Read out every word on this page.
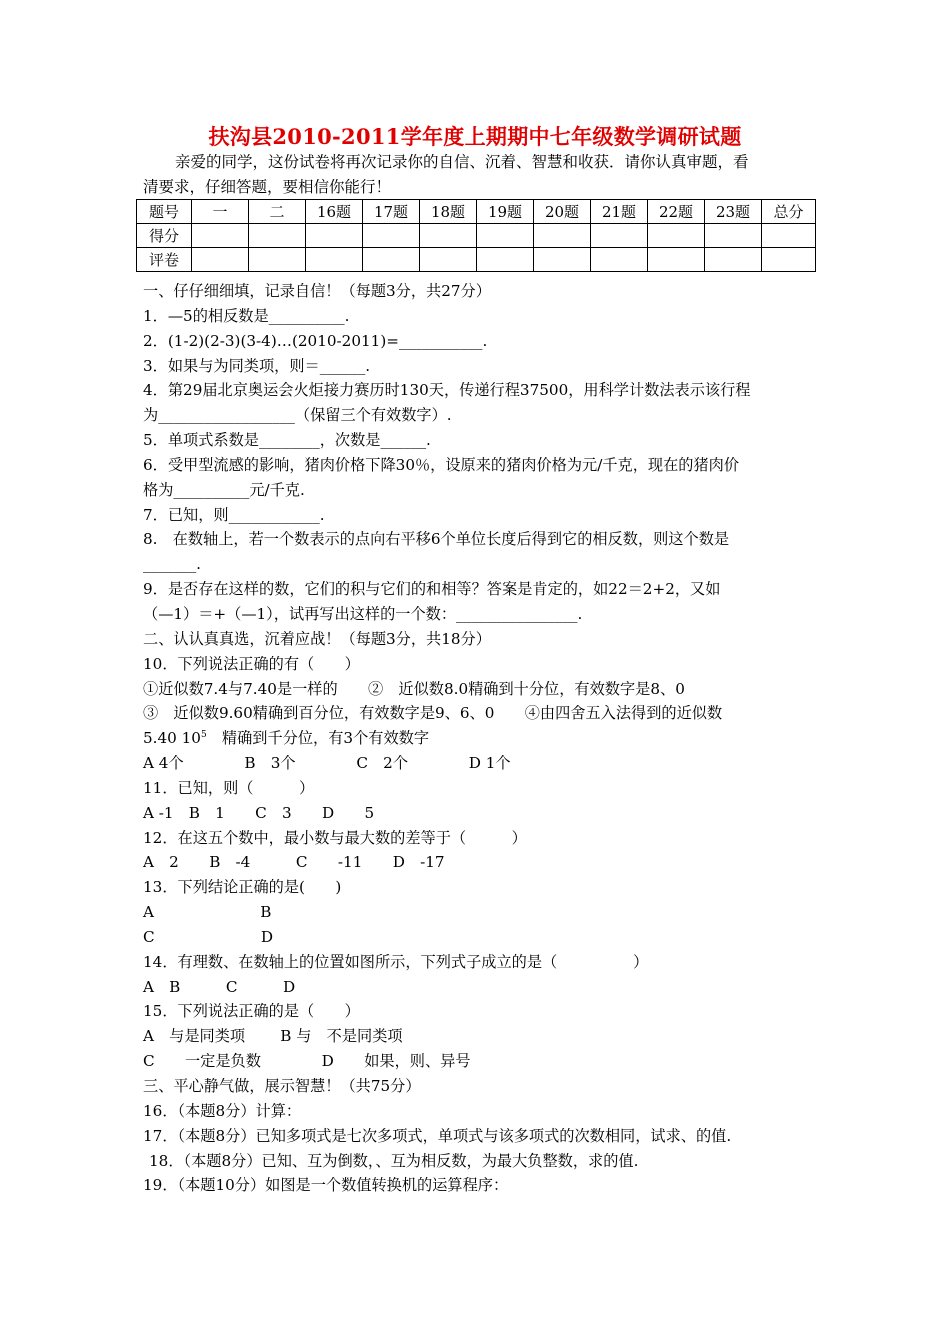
扶沟县2010-2011学年度上期期中七年级数学调研试题
亲爱的同学，这份试卷将再次记录你的自信、沉着、智慧和收获．请你认真审题，看
清要求，仔细答题，要相信你能行！
题号	一	二	16题	17题	18题	19题	20题	21题	22题	23题	总分
得分											
评卷											
一、仔仔细细填，记录自信！（每题3分，共27分）
1．—5的相反数是__________.
2．(1-2)(2-3)(3-4)…(2010-2011)=___________.
3．如果与为同类项，则＝______.
4．第29届北京奥运会火炬接力赛历时130天，传递行程37500，用科学计数法表示该行程
为__________________（保留三个有效数字）.
5．单项式系数是________，次数是______.
6．受甲型流感的影响，猪肉价格下降30％，设原来的猪肉价格为元/千克，现在的猪肉价
格为__________元/千克.
7．已知，则____________.
8.　在数轴上，若一个数表示的点向右平移6个单位长度后得到它的相反数，则这个数是
_______.
9．是否存在这样的数，它们的积与它们的和相等？答案是肯定的，如22＝2+2，又如
（—1）＝+（—1），试再写出这样的一个数：________________.
二、认认真真选，沉着应战！（每题3分，共18分）
10．下列说法正确的有（　　）
①近似数7.4与7.40是一样的　　②　近似数8.0精确到十分位，有效数字是8、0
③　近似数9.60精确到百分位，有效数字是9、6、0　　④由四舍五入法得到的近似数
5.40 $10^5$　精确到千分位，有3个有效数字
A 4个　　　　B　3个　　　　C　2个　　　　D 1个
11．已知，则（　　　）
A -1　B　1　　C　3　　D　　5
12．在这五个数中，最小数与最大数的差等于（　　　）
A　2　　B　-4　　　C　　-11　　D　-17
13．下列结论正确的是(　　)
A　　　　　　　B
C　　　　　　　D
14．有理数、在数轴上的位置如图所示，下列式子成立的是（　　　　　）
A　B　　　C　　　D
15．下列说法正确的是（　　）
A　与是同类项　　 B 与　不是同类项
C　　一定是负数　　　　D　　如果，则、异号
三、平心静气做，展示智慧！（共75分）
16．（本题8分）计算：
17．（本题8分）已知多项式是七次多项式，单项式与该多项式的次数相同，试求、的值.
18．（本题8分）已知、互为倒数，、互为相反数，为最大负整数，求的值.
19．（本题10分）如图是一个数值转换机的运算程序：
